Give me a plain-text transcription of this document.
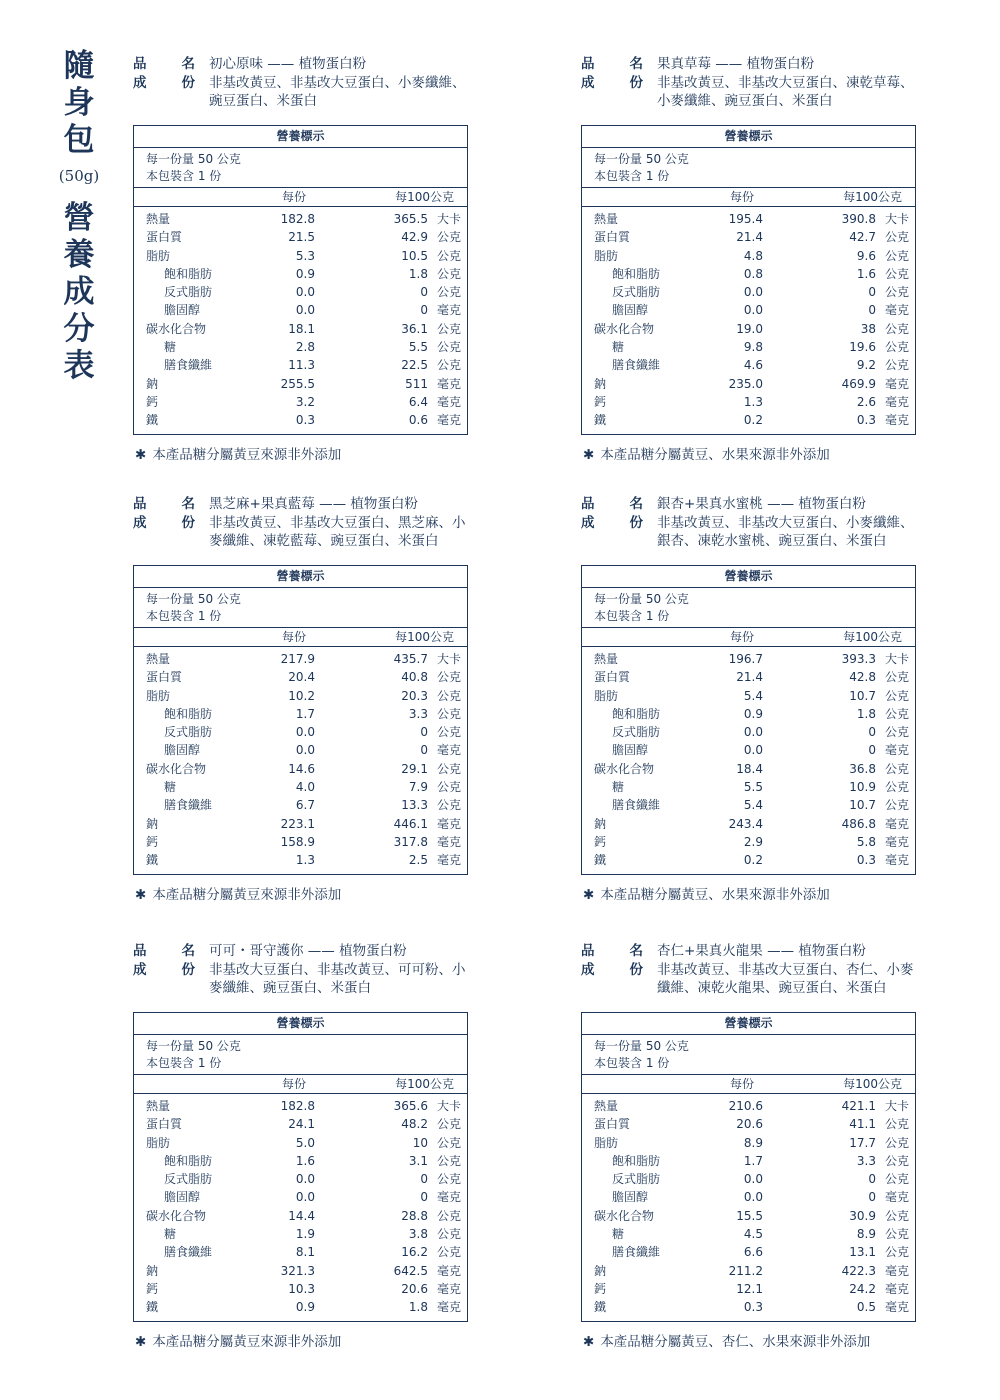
隨
身
包
(50g)
營
養
成
分
表
品	名 初心原味 —— 植物蛋白粉
成	份 非基改黃豆、非基改大豆蛋白、小麥纖維、豌豆蛋白、米蛋白
營養標示
每一份量 50 公克
本包裝含 1 份
每份	每100公克
熱量	182.8	365.5 大卡
蛋白質	21.5	42.9 公克
脂肪	5.3	10.5 公克
飽和脂肪	0.9	1.8 公克
反式脂肪	0.0	0 公克
膽固醇	0.0	0 毫克
碳水化合物	18.1	36.1 公克
糖	2.8	5.5 公克
膳食纖維	11.3	22.5 公克
鈉	255.5	511 毫克
鈣	3.2	6.4 毫克
鐵	0.3	0.6 毫克
✱ 本產品糖分屬黃豆來源非外添加
品	名 果真草莓 —— 植物蛋白粉
成	份 非基改黃豆、非基改大豆蛋白、凍乾草莓、小麥纖維、豌豆蛋白、米蛋白
營養標示
每一份量 50 公克
本包裝含 1 份
每份	每100公克
熱量	195.4	390.8 大卡
蛋白質	21.4	42.7 公克
脂肪	4.8	9.6 公克
飽和脂肪	0.8	1.6 公克
反式脂肪	0.0	0 公克
膽固醇	0.0	0 毫克
碳水化合物	19.0	38 公克
糖	9.8	19.6 公克
膳食纖維	4.6	9.2 公克
鈉	235.0	469.9 毫克
鈣	1.3	2.6 毫克
鐵	0.2	0.3 毫克
✱ 本產品糖分屬黃豆、水果來源非外添加
品	名 黑芝麻+果真藍莓 —— 植物蛋白粉
成	份 非基改黃豆、非基改大豆蛋白、黑芝麻、小麥纖維、凍乾藍莓、豌豆蛋白、米蛋白
營養標示
每一份量 50 公克
本包裝含 1 份
每份	每100公克
熱量	217.9	435.7 大卡
蛋白質	20.4	40.8 公克
脂肪	10.2	20.3 公克
飽和脂肪	1.7	3.3 公克
反式脂肪	0.0	0 公克
膽固醇	0.0	0 毫克
碳水化合物	14.6	29.1 公克
糖	4.0	7.9 公克
膳食纖維	6.7	13.3 公克
鈉	223.1	446.1 毫克
鈣	158.9	317.8 毫克
鐵	1.3	2.5 毫克
✱ 本產品糖分屬黃豆來源非外添加
品	名 銀杏+果真水蜜桃 —— 植物蛋白粉
成	份 非基改黃豆、非基改大豆蛋白、小麥纖維、銀杏、凍乾水蜜桃、豌豆蛋白、米蛋白
營養標示
每一份量 50 公克
本包裝含 1 份
每份	每100公克
熱量	196.7	393.3 大卡
蛋白質	21.4	42.8 公克
脂肪	5.4	10.7 公克
飽和脂肪	0.9	1.8 公克
反式脂肪	0.0	0 公克
膽固醇	0.0	0 毫克
碳水化合物	18.4	36.8 公克
糖	5.5	10.9 公克
膳食纖維	5.4	10.7 公克
鈉	243.4	486.8 毫克
鈣	2.9	5.8 毫克
鐵	0.2	0.3 毫克
✱ 本產品糖分屬黃豆、水果來源非外添加
品	名 可可・哥守護你 —— 植物蛋白粉
成	份 非基改大豆蛋白、非基改黃豆、可可粉、小麥纖維、豌豆蛋白、米蛋白
營養標示
每一份量 50 公克
本包裝含 1 份
每份	每100公克
熱量	182.8	365.6 大卡
蛋白質	24.1	48.2 公克
脂肪	5.0	10 公克
飽和脂肪	1.6	3.1 公克
反式脂肪	0.0	0 公克
膽固醇	0.0	0 毫克
碳水化合物	14.4	28.8 公克
糖	1.9	3.8 公克
膳食纖維	8.1	16.2 公克
鈉	321.3	642.5 毫克
鈣	10.3	20.6 毫克
鐵	0.9	1.8 毫克
✱ 本產品糖分屬黃豆來源非外添加
品	名 杏仁+果真火龍果 —— 植物蛋白粉
成	份 非基改黃豆、非基改大豆蛋白、杏仁、小麥纖維、凍乾火龍果、豌豆蛋白、米蛋白
營養標示
每一份量 50 公克
本包裝含 1 份
每份	每100公克
熱量	210.6	421.1 大卡
蛋白質	20.6	41.1 公克
脂肪	8.9	17.7 公克
飽和脂肪	1.7	3.3 公克
反式脂肪	0.0	0 公克
膽固醇	0.0	0 毫克
碳水化合物	15.5	30.9 公克
糖	4.5	8.9 公克
膳食纖維	6.6	13.1 公克
鈉	211.2	422.3 毫克
鈣	12.1	24.2 毫克
鐵	0.3	0.5 毫克
✱ 本產品糖分屬黃豆、杏仁、水果來源非外添加
